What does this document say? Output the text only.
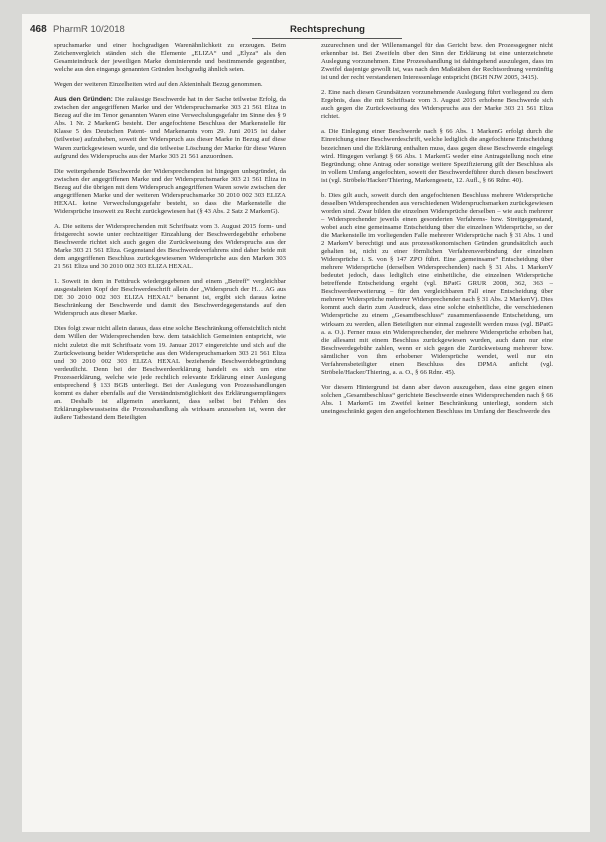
468 PharmR 10/2018	Rechtsprechung

spruchsmarke und einer hochgradigen Warenähnlichkeit zu erzeugen. Beim Zeichenvergleich ständen sich die Elemente „ELIZA“ und „Elyza“ als den Gesamteindruck der jeweiligen Marke dominierende und bestimmende gegenüber, welche aus den eingangs genannten Gründen hochgradig ähnlich seien.

Wegen der weiteren Einzelheiten wird auf den Akteninhalt Bezug genommen.

Aus den Gründen: Die zulässige Beschwerde hat in der Sache teilweise Erfolg, da zwischen der angegriffenen Marke und der Widerspruchsmarke 303 21 561 Eliza in Bezug auf die im Tenor genannten Waren eine Verwechslungsgefahr im Sinne des § 9 Abs. 1 Nr. 2 MarkenG besteht. Der angefochtene Beschluss der Markenstelle für Klasse 5 des Deutschen Patent- und Markenamts vom 29. Juni 2015 ist daher (teilweise) aufzuheben, soweit der Widerspruch aus dieser Marke in Bezug auf diese Waren zurückgewiesen wurde, und die teilweise Löschung der Marke für diese Waren aufgrund des Widerspruchs aus der Marke 303 21 561 anzuordnen.

Die weitergehende Beschwerde der Widersprechenden ist hingegen unbegründet, da zwischen der angegriffenen Marke und der Widerspruchsmarke 303 21 561 Eliza in Bezug auf die übrigen mit dem Widerspruch angegriffenen Waren sowie zwischen der angegriffenen Marke und der weiteren Widerspruchsmarke 30 2010 002 303 ELIZA HEXAL keine Verwechslungsgefahr besteht, so dass die Markenstelle die Widersprüche insoweit zu Recht zurückgewiesen hat (§ 43 Abs. 2 Satz 2 MarkenG).

A. Die seitens der Widersprechenden mit Schriftsatz vom 3. August 2015 form- und fristgerecht sowie unter rechtzeitiger Einzahlung der Beschwerdegebühr erhobene Beschwerde richtet sich auch gegen die Zurückweisung des Widerspruchs aus der Marke 303 21 561 Eliza. Gegenstand des Beschwerdeverfahrens sind daher beide mit dem angegriffenen Beschluss zurückgewiesenen Widersprüche aus den Marken 303 21 561 Eliza und 30 2010 002 303 ELIZA HEXAL.

1. Soweit in dem in Fettdruck wiedergegebenen und einem „Betreff“ vergleichbar ausgestalteten Kopf der Beschwerdeschrift allein der „Widerspruch der H… AG aus DE 30 2010 002 303 ELIZA HEXAL“ benannt ist, ergibt sich daraus keine Beschränkung der Beschwerde und damit des Beschwerdegegenstands auf den Widerspruch aus dieser Marke.

Dies folgt zwar nicht allein daraus, dass eine solche Beschränkung offensichtlich nicht dem Willen der Widersprechenden bzw. dem tatsächlich Gemeinten entspricht, wie nicht zuletzt die mit Schriftsatz vom 19. Januar 2017 eingereichte und sich auf die Zurückweisung beider Widersprüche aus den Widerspruchsmarken 303 21 561 Eliza und 30 2010 002 303 ELIZA HEXAL beziehende Beschwerdebegründung verdeutlicht. Denn bei der Beschwerdeerklärung handelt es sich um eine Prozesserklärung, welche wie jede rechtlich relevante Erklärung einer Auslegung entsprechend § 133 BGB unterliegt. Bei der Auslegung von Prozesshandlungen kommt es daher ebenfalls auf die Verständnismöglichkeit des Erklärungsempfängers an. Deshalb ist allgemein anerkannt, dass selbst bei Fehlen des Erklärungsbewusstseins die Prozesshandlung als wirksam anzusehen ist, wenn der äußere Tatbestand dem Beteiligten

zuzurechnen und der Willensmangel für das Gericht bzw. den Prozessgegner nicht erkennbar ist. Bei Zweifeln über den Sinn der Erklärung ist eine unterzeichnete Auslegung vorzunehmen. Eine Prozesshandlung ist dahingehend auszulegen, dass im Zweifel dasjenige gewollt ist, was nach den Maßstäben der Rechtsordnung vernünftig ist und der recht verstandenen Interessenlage entspricht (BGH NJW 2005, 3415).

2. Eine nach diesen Grundsätzen vorzunehmende Auslegung führt vorliegend zu dem Ergebnis, dass die mit Schriftsatz vom 3. August 2015 erhobene Beschwerde sich auch gegen die Zurückweisung des Widerspruchs aus der Marke 303 21 561 Eliza richtet.

a. Die Einlegung einer Beschwerde nach § 66 Abs. 1 MarkenG erfolgt durch die Einreichung einer Beschwerdeschrift, welche lediglich die angefochtene Entscheidung bezeichnen und die Erklärung enthalten muss, dass gegen diese Beschwerde eingelegt wird. Hingegen verlangt § 66 Abs. 1 MarkenG weder eine Antragstellung noch eine Begründung; ohne Antrag oder sonstige weitere Spezifizierung gilt der Beschluss als in vollem Umfang angefochten, soweit der Beschwerdeführer durch diesen beschwert ist (vgl. Ströbele/Hacker/Thiering, Markengesetz, 12. Aufl., § 66 Rdnr. 40).

b. Dies gilt auch, soweit durch den angefochtenen Beschluss mehrere Widersprüche desselben Widersprechenden aus verschiedenen Widerspruchsmarken zurückgewiesen worden sind. Zwar bilden die einzelnen Widersprüche derselben – wie auch mehrerer – Widersprechender jeweils einen gesonderten Verfahrens- bzw. Streitgegenstand, wobei auch eine gemeinsame Entscheidung über die einzelnen Widersprüche, so der die Markenstelle im vorliegenden Falle mehrerer Widersprüche nach § 31 Abs. 1 und 2 MarkenV berechtigt und aus prozessökonomischen Gründen grundsätzlich auch gehalten ist, nicht zu einer förmlichen Verfahrensverbindung der einzelnen Widersprüche i. S. von § 147 ZPO führt. Eine „gemeinsame“ Entscheidung über mehrere Widersprüche (derselben Widersprechenden) nach § 31 Abs. 1 MarkenV bedeutet jedoch, dass lediglich eine einheitliche, die einzelnen Widersprüche betreffende Entscheidung ergeht (vgl. BPatG GRUR 2008, 362, 363 – Beschwerdeerweiterung – für den vergleichbaren Fall einer Entscheidung über mehrerer Widersprüche mehrerer Widersprechender nach § 31 Abs. 2 MarkenV). Dies kommt auch darin zum Ausdruck, dass eine solche einheitliche, die verschiedenen Widersprüche zu einem „Gesamtbeschluss“ zusammenfassende Entscheidung, um wirksam zu werden, allen Beteiligten nur einmal zugestellt werden muss (vgl. BPatG a. a. O.). Ferner muss ein Widersprechender, der mehrere Widersprüche erhoben hat, die allesamt mit einem Beschluss zurückgewiesen wurden, auch dann nur eine Beschwerdegebühr zahlen, wenn er sich gegen die Zurückweisung mehrerer bzw. sämtlicher von ihm erhobener Widersprüche wendet, weil nur ein Verfahrensbeteiligter einen Beschluss des DPMA anficht (vgl. Ströbele/Hacker/Thiering, a. a. O., § 66 Rdnr. 45).

Vor diesem Hintergrund ist dann aber davon auszugehen, dass eine gegen einen solchen „Gesamtbeschluss“ gerichtete Beschwerde eines Widersprechenden nach § 66 Abs. 1 MarkenG im Zweifel keiner Beschränkung unterliegt, sondern sich uneingeschränkt gegen den angefochtenen Beschluss im Umfang der Beschwerde des
